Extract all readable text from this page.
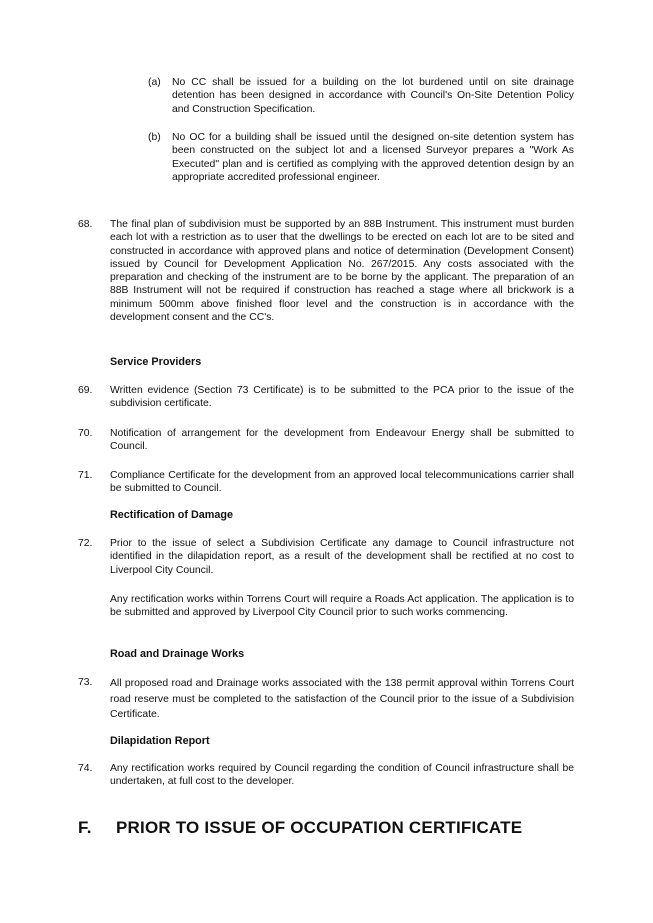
(a) No CC shall be issued for a building on the lot burdened until on site drainage detention has been designed in accordance with Council's On-Site Detention Policy and Construction Specification.
(b) No OC for a building shall be issued until the designed on-site detention system has been constructed on the subject lot and a licensed Surveyor prepares a "Work As Executed" plan and is certified as complying with the approved detention design by an appropriate accredited professional engineer.
68. The final plan of subdivision must be supported by an 88B Instrument. This instrument must burden each lot with a restriction as to user that the dwellings to be erected on each lot are to be sited and constructed in accordance with approved plans and notice of determination (Development Consent) issued by Council for Development Application No. 267/2015. Any costs associated with the preparation and checking of the instrument are to be borne by the applicant. The preparation of an 88B Instrument will not be required if construction has reached a stage where all brickwork is a minimum 500mm above finished floor level and the construction is in accordance with the development consent and the CC's.
Service Providers
69. Written evidence (Section 73 Certificate) is to be submitted to the PCA prior to the issue of the subdivision certificate.
70. Notification of arrangement for the development from Endeavour Energy shall be submitted to Council.
71. Compliance Certificate for the development from an approved local telecommunications carrier shall be submitted to Council.
Rectification of Damage
72. Prior to the issue of select a Subdivision Certificate any damage to Council infrastructure not identified in the dilapidation report, as a result of the development shall be rectified at no cost to Liverpool City Council.
Any rectification works within Torrens Court will require a Roads Act application. The application is to be submitted and approved by Liverpool City Council prior to such works commencing.
Road and Drainage Works
73. All proposed road and Drainage works associated with the 138 permit approval within Torrens Court road reserve must be completed to the satisfaction of the Council prior to the issue of a Subdivision Certificate.
Dilapidation Report
74. Any rectification works required by Council regarding the condition of Council infrastructure shall be undertaken, at full cost to the developer.
F. PRIOR TO ISSUE OF OCCUPATION CERTIFICATE
